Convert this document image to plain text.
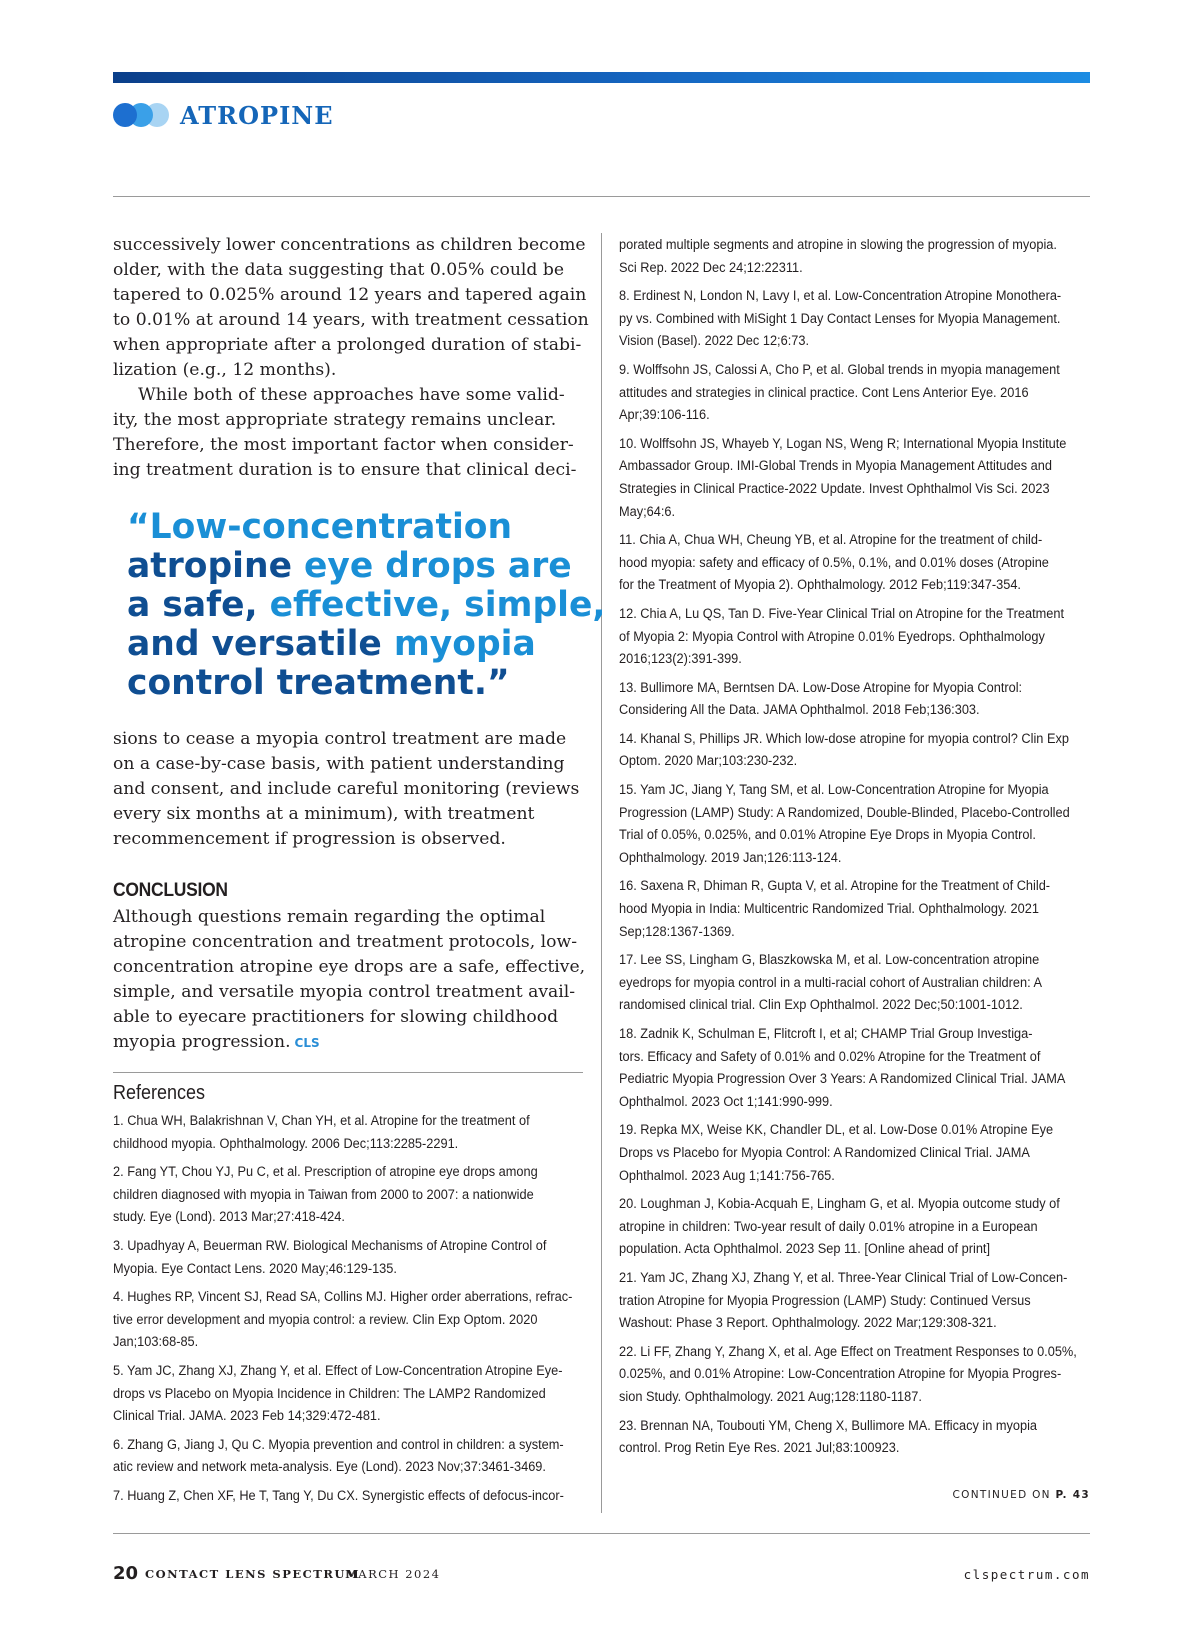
ATROPINE

successively lower concentrations as children become

older, with the data suggesting that 0.05% could be

tapered to 0.025% around 12 years and tapered again

to 0.01% at around 14 years, with treatment cessation

when appropriate after a prolonged duration of stabi-

lization (e.g., 12 months).

While both of these approaches have some valid-

ity, the most appropriate strategy remains unclear.

Therefore, the most important factor when consider-

ing treatment duration is to ensure that clinical deci-

“Low-concentration

atropine eye drops are

a safe, effective, simple,

and versatile myopia

control treatment.”

sions to cease a myopia control treatment are made

on a case-by-case basis, with patient understanding

and consent, and include careful monitoring (reviews

every six months at a minimum), with treatment

recommencement if progression is observed.

CONCLUSION

Although questions remain regarding the optimal

atropine concentration and treatment protocols, low-

concentration atropine eye drops are a safe, effective,

simple, and versatile myopia control treatment avail-

able to eyecare practitioners for slowing childhood

myopia progression. CLS

References

1. Chua WH, Balakrishnan V, Chan YH, et al. Atropine for the treatment of

childhood myopia. Ophthalmology. 2006 Dec;113:2285-2291.

2. Fang YT, Chou YJ, Pu C, et al. Prescription of atropine eye drops among

children diagnosed with myopia in Taiwan from 2000 to 2007: a nationwide

study. Eye (Lond). 2013 Mar;27:418-424.

3. Upadhyay A, Beuerman RW. Biological Mechanisms of Atropine Control of

Myopia. Eye Contact Lens. 2020 May;46:129-135.

4. Hughes RP, Vincent SJ, Read SA, Collins MJ. Higher order aberrations, refrac-

tive error development and myopia control: a review. Clin Exp Optom. 2020

Jan;103:68-85.

5. Yam JC, Zhang XJ, Zhang Y, et al. Effect of Low-Concentration Atropine Eye-

drops vs Placebo on Myopia Incidence in Children: The LAMP2 Randomized

Clinical Trial. JAMA. 2023 Feb 14;329:472-481.

6. Zhang G, Jiang J, Qu C. Myopia prevention and control in children: a system-

atic review and network meta-analysis. Eye (Lond). 2023 Nov;37:3461-3469.

7. Huang Z, Chen XF, He T, Tang Y, Du CX. Synergistic effects of defocus-incor-

porated multiple segments and atropine in slowing the progression of myopia.

Sci Rep. 2022 Dec 24;12:22311.

8. Erdinest N, London N, Lavy I, et al. Low-Concentration Atropine Monothera-

py vs. Combined with MiSight 1 Day Contact Lenses for Myopia Management.

Vision (Basel). 2022 Dec 12;6:73.

9. Wolffsohn JS, Calossi A, Cho P, et al. Global trends in myopia management

attitudes and strategies in clinical practice. Cont Lens Anterior Eye. 2016

Apr;39:106-116.

10. Wolffsohn JS, Whayeb Y, Logan NS, Weng R; International Myopia Institute

Ambassador Group. IMI-Global Trends in Myopia Management Attitudes and

Strategies in Clinical Practice-2022 Update. Invest Ophthalmol Vis Sci. 2023

May;64:6.

11. Chia A, Chua WH, Cheung YB, et al. Atropine for the treatment of child-

hood myopia: safety and efficacy of 0.5%, 0.1%, and 0.01% doses (Atropine

for the Treatment of Myopia 2). Ophthalmology. 2012 Feb;119:347-354.

12. Chia A, Lu QS, Tan D. Five-Year Clinical Trial on Atropine for the Treatment

of Myopia 2: Myopia Control with Atropine 0.01% Eyedrops. Ophthalmology

2016;123(2):391-399.

13. Bullimore MA, Berntsen DA. Low-Dose Atropine for Myopia Control:

Considering All the Data. JAMA Ophthalmol. 2018 Feb;136:303.

14. Khanal S, Phillips JR. Which low-dose atropine for myopia control? Clin Exp

Optom. 2020 Mar;103:230-232.

15. Yam JC, Jiang Y, Tang SM, et al. Low-Concentration Atropine for Myopia

Progression (LAMP) Study: A Randomized, Double-Blinded, Placebo-Controlled

Trial of 0.05%, 0.025%, and 0.01% Atropine Eye Drops in Myopia Control.

Ophthalmology. 2019 Jan;126:113-124.

16. Saxena R, Dhiman R, Gupta V, et al. Atropine for the Treatment of Child-

hood Myopia in India: Multicentric Randomized Trial. Ophthalmology. 2021

Sep;128:1367-1369.

17. Lee SS, Lingham G, Blaszkowska M, et al. Low-concentration atropine

eyedrops for myopia control in a multi-racial cohort of Australian children: A

randomised clinical trial. Clin Exp Ophthalmol. 2022 Dec;50:1001-1012.

18. Zadnik K, Schulman E, Flitcroft I, et al; CHAMP Trial Group Investiga-

tors. Efficacy and Safety of 0.01% and 0.02% Atropine for the Treatment of

Pediatric Myopia Progression Over 3 Years: A Randomized Clinical Trial. JAMA

Ophthalmol. 2023 Oct 1;141:990-999.

19. Repka MX, Weise KK, Chandler DL, et al. Low-Dose 0.01% Atropine Eye

Drops vs Placebo for Myopia Control: A Randomized Clinical Trial. JAMA

Ophthalmol. 2023 Aug 1;141:756-765.

20. Loughman J, Kobia-Acquah E, Lingham G, et al. Myopia outcome study of

atropine in children: Two-year result of daily 0.01% atropine in a European

population. Acta Ophthalmol. 2023 Sep 11. [Online ahead of print]

21. Yam JC, Zhang XJ, Zhang Y, et al. Three-Year Clinical Trial of Low-Concen-

tration Atropine for Myopia Progression (LAMP) Study: Continued Versus

Washout: Phase 3 Report. Ophthalmology. 2022 Mar;129:308-321.

22. Li FF, Zhang Y, Zhang X, et al. Age Effect on Treatment Responses to 0.05%,

0.025%, and 0.01% Atropine: Low-Concentration Atropine for Myopia Progres-

sion Study. Ophthalmology. 2021 Aug;128:1180-1187.

23. Brennan NA, Toubouti YM, Cheng X, Bullimore MA. Efficacy in myopia

control. Prog Retin Eye Res. 2021 Jul;83:100923.

CONTINUED ON P. 43
20 CONTACT LENS SPECTRUM
MARCH 2024	clspectrum.com
